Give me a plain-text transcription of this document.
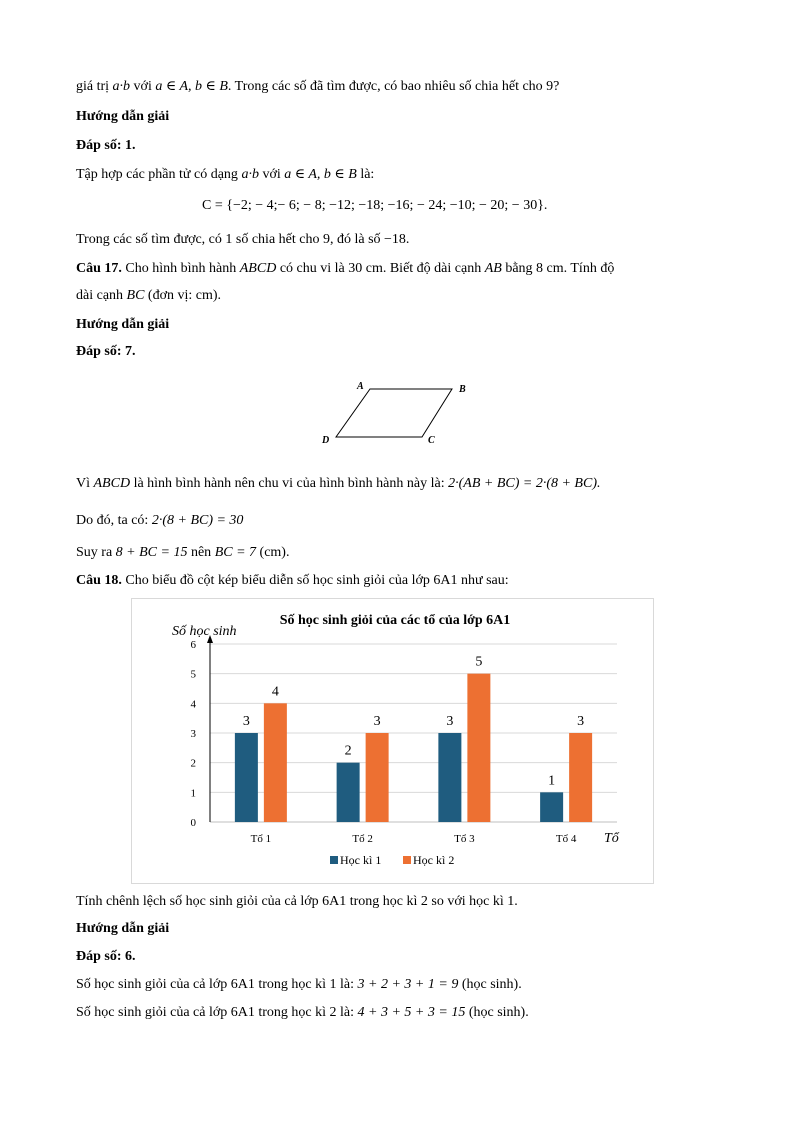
giá trị a·b với a ∈ A, b ∈ B. Trong các số đã tìm được, có bao nhiêu số chia hết cho 9?
Hướng dẫn giải
Đáp số: 1.
Tập hợp các phần tử có dạng a·b với a ∈ A, b ∈ B là:
C = {−2; − 4;− 6; − 8; −12; −18; −16; − 24; −10; − 20; − 30}.
Trong các số tìm được, có 1 số chia hết cho 9, đó là số −18.
Câu 17. Cho hình bình hành ABCD có chu vi là 30 cm. Biết độ dài cạnh AB bằng 8 cm. Tính độ
dài cạnh BC (đơn vị: cm).
Hướng dẫn giải
Đáp số: 7.
A	B
C
D
Vì ABCD là hình bình hành nên chu vi của hình bình hành này là: 2·(AB + BC) = 2·(8 + BC).
Do đó, ta có: 2·(8 + BC) = 30
Suy ra 8 + BC = 15 nên BC = 7 (cm).
Câu 18. Cho biểu đồ cột kép biểu diễn số học sinh giỏi của lớp 6A1 như sau:
0
1
2
3
4
5
6
Số học sinh giỏi của các tổ của lớp 6A1
Số học sinh
Tổ
Tổ 1
3
4
Tổ 2
2
3
Tổ 3
3
5
Tổ 4
1
3
Học kì 1	Học kì 2
Tính chênh lệch số học sinh giỏi của cả lớp 6A1 trong học kì 2 so với học kì 1.
Hướng dẫn giải
Đáp số: 6.
Số học sinh giỏi của cả lớp 6A1 trong học kì 1 là: 3 + 2 + 3 + 1 = 9 (học sinh).
Số học sinh giỏi của cả lớp 6A1 trong học kì 2 là: 4 + 3 + 5 + 3 = 15 (học sinh).
